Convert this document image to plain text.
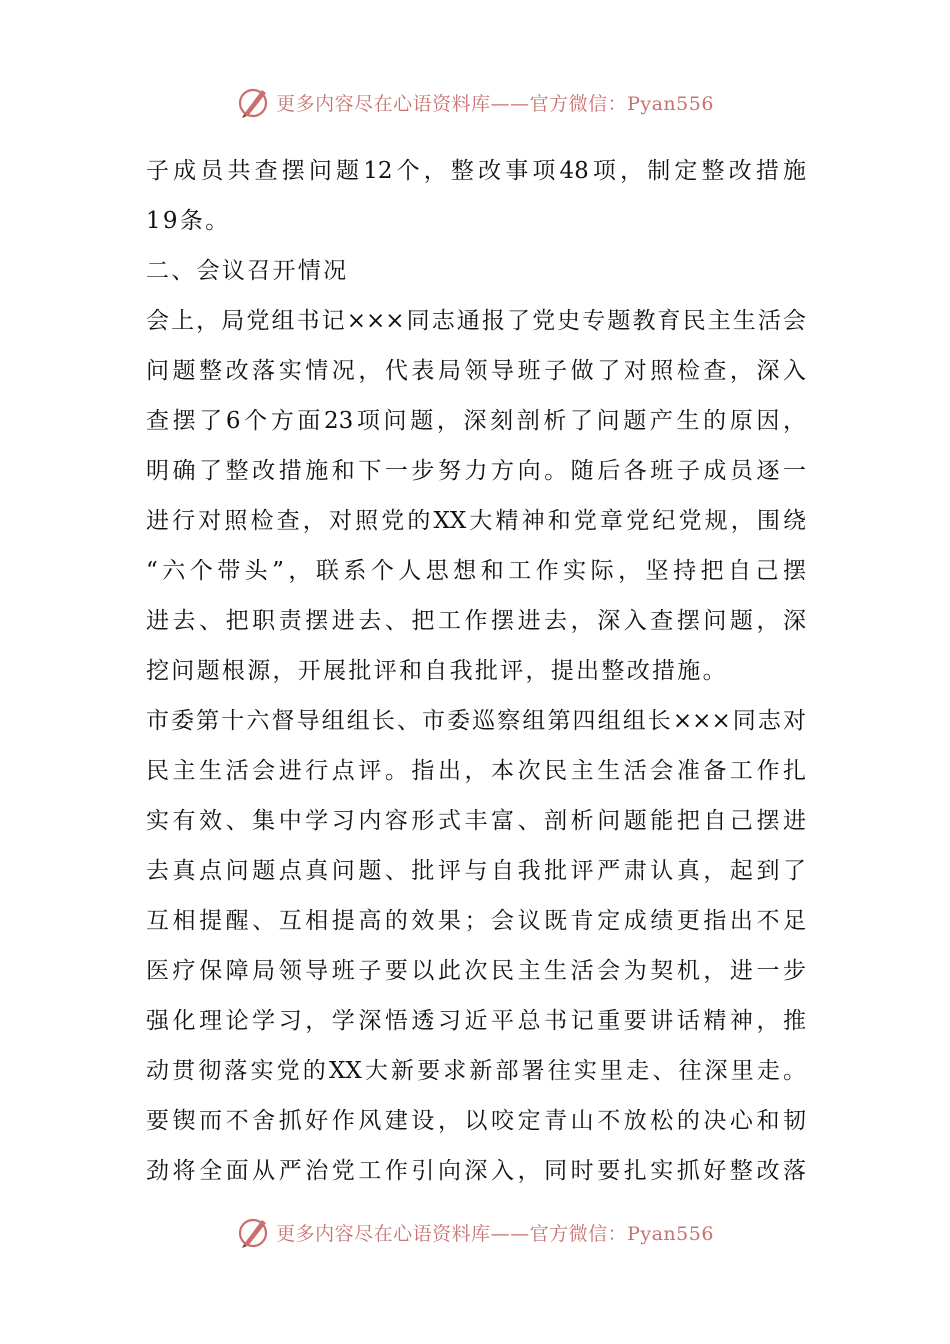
更多内容尽在心语资料库——官方微信：Pyan556
子成员共查摆问题12个，整改事项48项，制定整改措施
19条。
二、会议召开情况
会上，局党组书记×××同志通报了党史专题教育民主生活会
问题整改落实情况，代表局领导班子做了对照检查，深入
查摆了6个方面23项问题，深刻剖析了问题产生的原因，
明确了整改措施和下一步努力方向。随后各班子成员逐一
进行对照检查，对照党的XX大精神和党章党纪党规，围绕
“六个带头”，联系个人思想和工作实际，坚持把自己摆
进去、把职责摆进去、把工作摆进去，深入查摆问题，深
挖问题根源，开展批评和自我批评，提出整改措施。
市委第十六督导组组长、市委巡察组第四组组长×××同志对
民主生活会进行点评。指出，本次民主生活会准备工作扎
实有效、集中学习内容形式丰富、剖析问题能把自己摆进
去真点问题点真问题、批评与自我批评严肃认真，起到了
互相提醒、互相提高的效果；会议既肯定成绩更指出不足
医疗保障局领导班子要以此次民主生活会为契机，进一步
强化理论学习，学深悟透习近平总书记重要讲话精神，推
动贯彻落实党的XX大新要求新部署往实里走、往深里走。
要锲而不舍抓好作风建设，以咬定青山不放松的决心和韧
劲将全面从严治党工作引向深入，同时要扎实抓好整改落
更多内容尽在心语资料库——官方微信：Pyan556
